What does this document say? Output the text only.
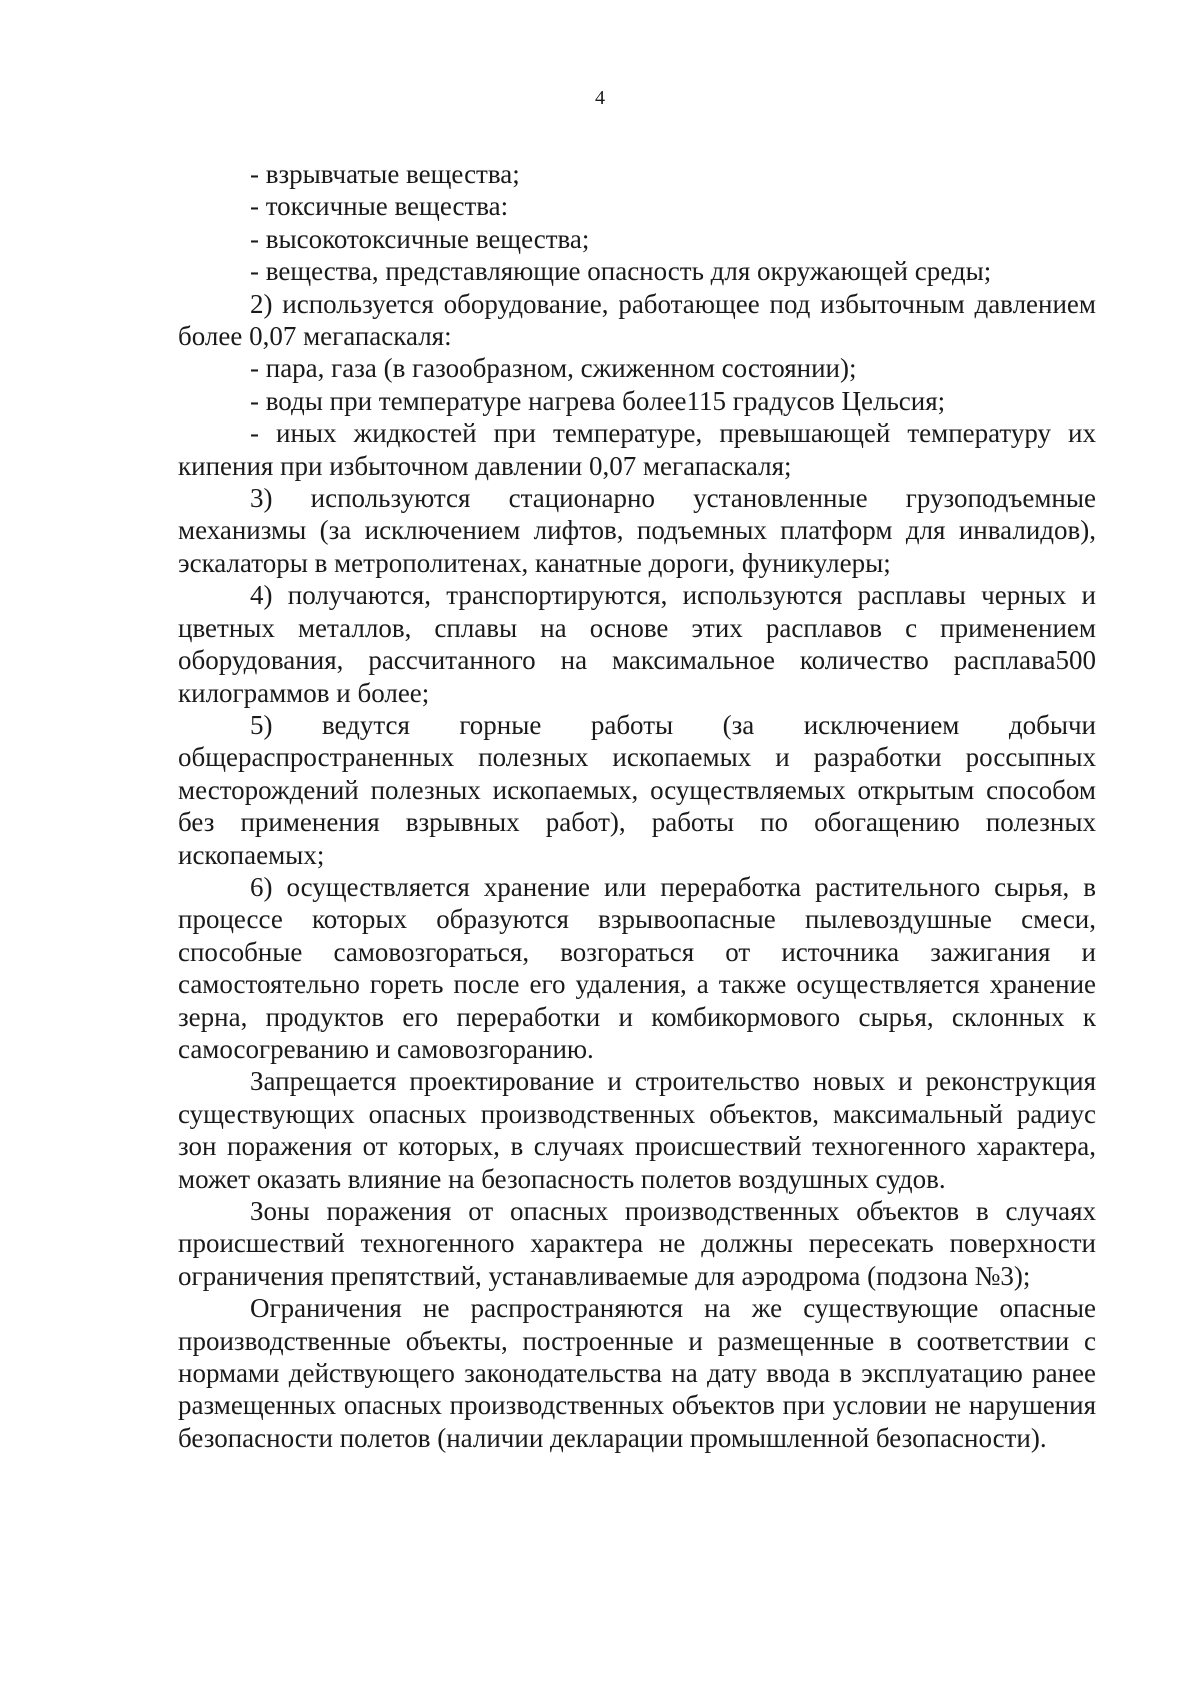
4

- взрывчатые вещества;

- токсичные вещества:

- высокотоксичные вещества;

- вещества, представляющие опасность для окружающей среды;

2) используется оборудование, работающее под избыточным давлением более 0,07 мегапаскаля:

- пара, газа (в газообразном, сжиженном состоянии);

- воды при температуре нагрева более115 градусов Цельсия;

- иных жидкостей при температуре, превышающей температуру их кипения при избыточном давлении 0,07 мегапаскаля;

3) используются стационарно установленные грузоподъемные механизмы (за исключением лифтов, подъемных платформ для инвалидов), эскалаторы в метрополитенах, канатные дороги, фуникулеры;

4) получаются, транспортируются, используются расплавы черных и цветных металлов, сплавы на основе этих расплавов с применением оборудования, рассчитанного на максимальное количество расплава500 килограммов и более;

5) ведутся горные работы (за исключением добычи общераспространенных полезных ископаемых и разработки россыпных месторождений полезных ископаемых, осуществляемых открытым способом без применения взрывных работ), работы по обогащению полезных ископаемых;

6) осуществляется хранение или переработка растительного сырья, в процессе которых образуются взрывоопасные пылевоздушные смеси, способные самовозгораться, возгораться от источника зажигания и самостоятельно гореть после его удаления, а также осуществляется хранение зерна, продуктов его переработки и комбикормового сырья, склонных к самосогреванию и самовозгоранию.

Запрещается проектирование и строительство новых и реконструкция существующих опасных производственных объектов, максимальный радиус зон поражения от которых, в случаях происшествий техногенного характера, может оказать влияние на безопасность полетов воздушных судов.

Зоны поражения от опасных производственных объектов в случаях происшествий техногенного характера не должны пересекать поверхности ограничения препятствий, устанавливаемые для аэродрома (подзона №3);

Ограничения не распространяются на же существующие опасные производственные объекты, построенные и размещенные в соответствии с нормами действующего законодательства на дату ввода в эксплуатацию ранее размещенных опасных производственных объектов при условии не нарушения безопасности полетов (наличии декларации промышленной безопасности).
